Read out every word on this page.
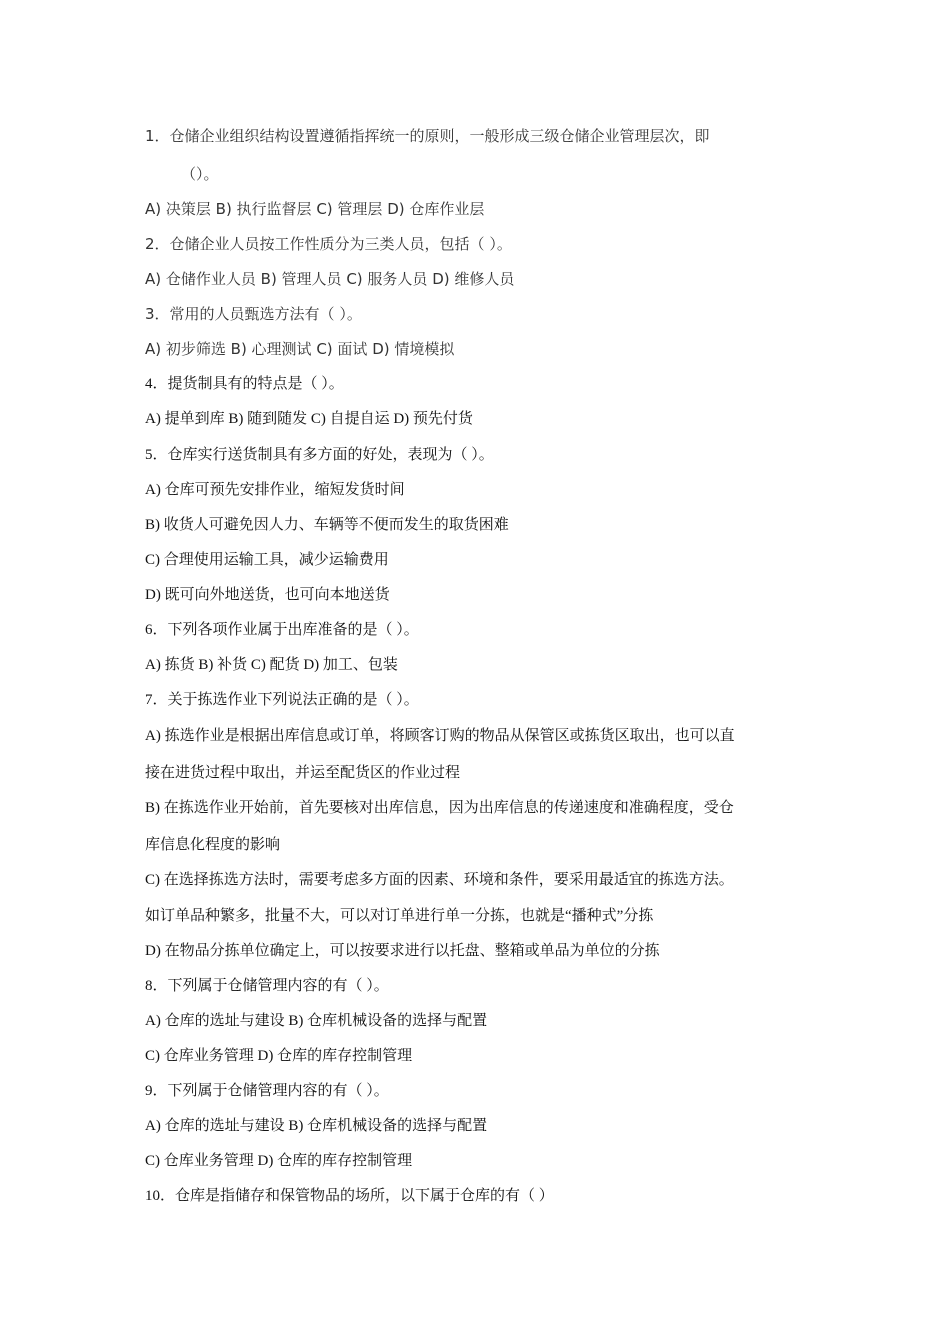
1．仓储企业组织结构设置遵循指挥统一的原则，一般形成三级仓储企业管理层次，即
（）。
A) 决策层 B) 执行监督层 C) 管理层 D) 仓库作业层
2．仓储企业人员按工作性质分为三类人员，包括（ ）。
A) 仓储作业人员 B) 管理人员 C) 服务人员 D) 维修人员
3．常用的人员甄选方法有（ ）。
A) 初步筛选 B) 心理测试 C) 面试 D) 情境模拟
4．提货制具有的特点是（ ）。
A) 提单到库 B) 随到随发 C) 自提自运 D) 预先付货
5．仓库实行送货制具有多方面的好处，表现为（ ）。
A) 仓库可预先安排作业，缩短发货时间
B) 收货人可避免因人力、车辆等不便而发生的取货困难
C) 合理使用运输工具，减少运输费用
D) 既可向外地送货，也可向本地送货
6．下列各项作业属于出库准备的是（ ）。
A) 拣货 B) 补货 C) 配货 D) 加工、包装
7．关于拣选作业下列说法正确的是（ ）。
A) 拣选作业是根据出库信息或订单，将顾客订购的物品从保管区或拣货区取出，也可以直
接在进货过程中取出，并运至配货区的作业过程
B) 在拣选作业开始前，首先要核对出库信息，因为出库信息的传递速度和准确程度，受仓
库信息化程度的影响
C) 在选择拣选方法时，需要考虑多方面的因素、环境和条件，要采用最适宜的拣选方法。
如订单品种繁多，批量不大，可以对订单进行单一分拣，也就是“播种式”分拣
D) 在物品分拣单位确定上，可以按要求进行以托盘、整箱或单品为单位的分拣
8．下列属于仓储管理内容的有（ ）。
A) 仓库的选址与建设 B) 仓库机械设备的选择与配置
C) 仓库业务管理 D) 仓库的库存控制管理
9．下列属于仓储管理内容的有（ ）。
A) 仓库的选址与建设 B) 仓库机械设备的选择与配置
C) 仓库业务管理 D) 仓库的库存控制管理
10．仓库是指储存和保管物品的场所，以下属于仓库的有（ ）
